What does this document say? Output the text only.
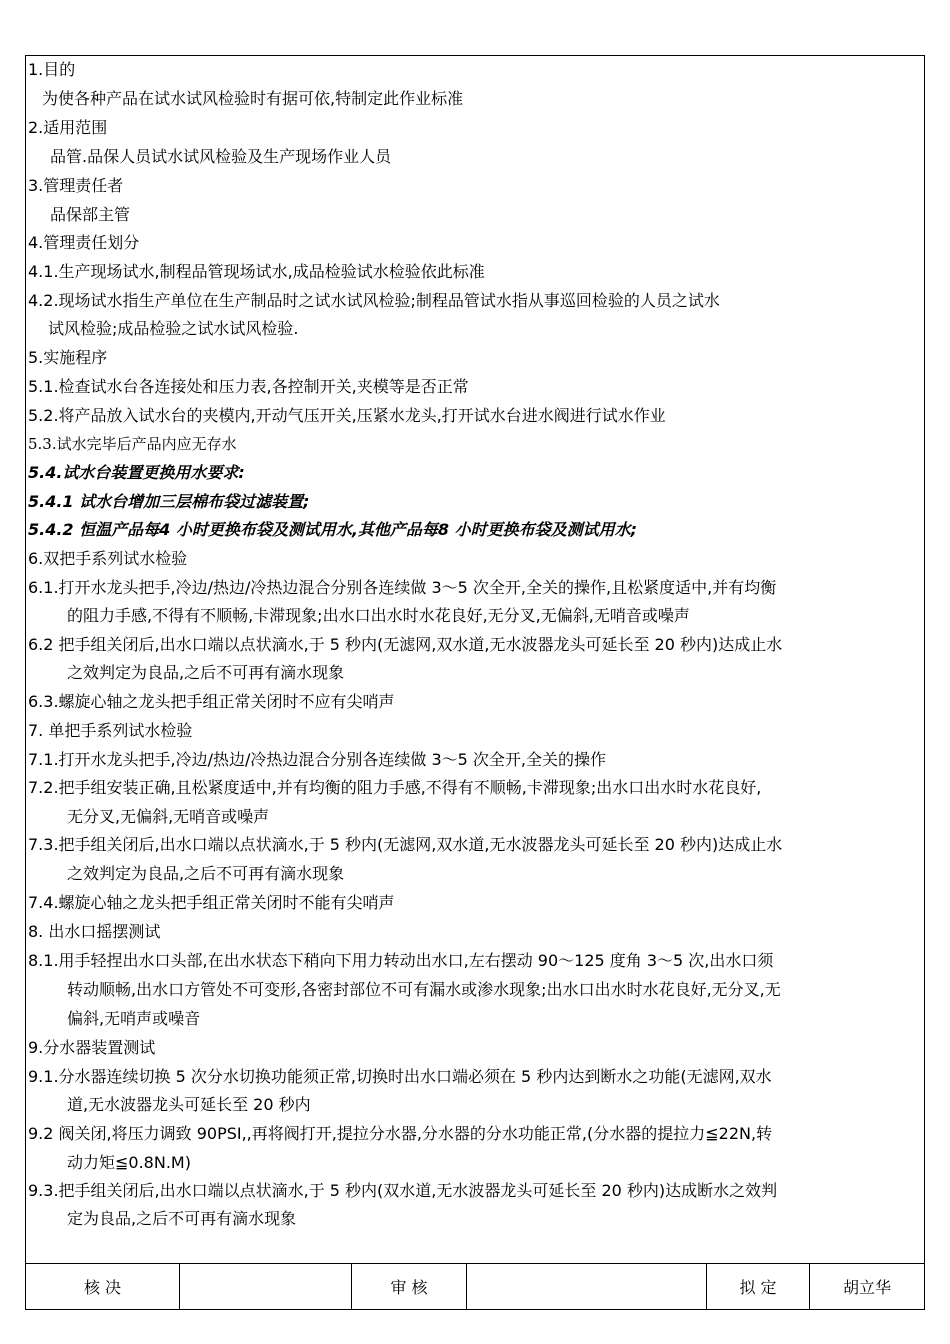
1.目的
为使各种产品在试水试风检验时有据可依,特制定此作业标准
2.适用范围
品管.品保人员试水试风检验及生产现场作业人员
3.管理责任者
品保部主管
4.管理责任划分
4.1.生产现场试水,制程品管现场试水,成品检验试水检验依此标准
4.2.现场试水指生产单位在生产制品时之试水试风检验;制程品管试水指从事巡回检验的人员之试水
试风检验;成品检验之试水试风检验.
5.实施程序
5.1.检查试水台各连接处和压力表,各控制开关,夹模等是否正常
5.2.将产品放入试水台的夹模内,开动气压开关,压紧水龙头,打开试水台进水阀进行试水作业
5.3.试水完毕后产品内应无存水
5.4.试水台装置更换用水要求:
5.4.1 试水台增加三层棉布袋过滤装置;
5.4.2 恒温产品每4 小时更换布袋及测试用水,其他产品每8 小时更换布袋及测试用水;
6.双把手系列试水检验
6.1.打开水龙头把手,冷边/热边/冷热边混合分别各连续做 3～5 次全开,全关的操作,且松紧度适中,并有均衡
的阻力手感,不得有不顺畅,卡滞现象;出水口出水时水花良好,无分叉,无偏斜,无哨音或噪声
6.2 把手组关闭后,出水口端以点状滴水,于 5 秒内(无滤网,双水道,无水波器龙头可延长至 20 秒内)达成止水
之效判定为良品,之后不可再有滴水现象
6.3.螺旋心轴之龙头把手组正常关闭时不应有尖哨声
7. 单把手系列试水检验
7.1.打开水龙头把手,冷边/热边/冷热边混合分别各连续做 3～5 次全开,全关的操作
7.2.把手组安装正确,且松紧度适中,并有均衡的阻力手感,不得有不顺畅,卡滞现象;出水口出水时水花良好,
无分叉,无偏斜,无哨音或噪声
7.3.把手组关闭后,出水口端以点状滴水,于 5 秒内(无滤网,双水道,无水波器龙头可延长至 20 秒内)达成止水
之效判定为良品,之后不可再有滴水现象
7.4.螺旋心轴之龙头把手组正常关闭时不能有尖哨声
8. 出水口摇摆测试
8.1.用手轻捏出水口头部,在出水状态下稍向下用力转动出水口,左右摆动 90～125 度角 3～5 次,出水口须
转动顺畅,出水口方管处不可变形,各密封部位不可有漏水或渗水现象;出水口出水时水花良好,无分叉,无
偏斜,无哨声或噪音
9.分水器装置测试
9.1.分水器连续切换 5 次分水切换功能须正常,切换时出水口端必须在 5 秒内达到断水之功能(无滤网,双水
道,无水波器龙头可延长至 20 秒内
9.2 阀关闭,将压力调致 90PSI,,再将阀打开,提拉分水器,分水器的分水功能正常,(分水器的提拉力≦22N,转
动力矩≦0.8N.M)
9.3.把手组关闭后,出水口端以点状滴水,于 5 秒内(双水道,无水波器龙头可延长至 20 秒内)达成断水之效判
定为良品,之后不可再有滴水现象
核 决	审 核	拟 定	胡立华
